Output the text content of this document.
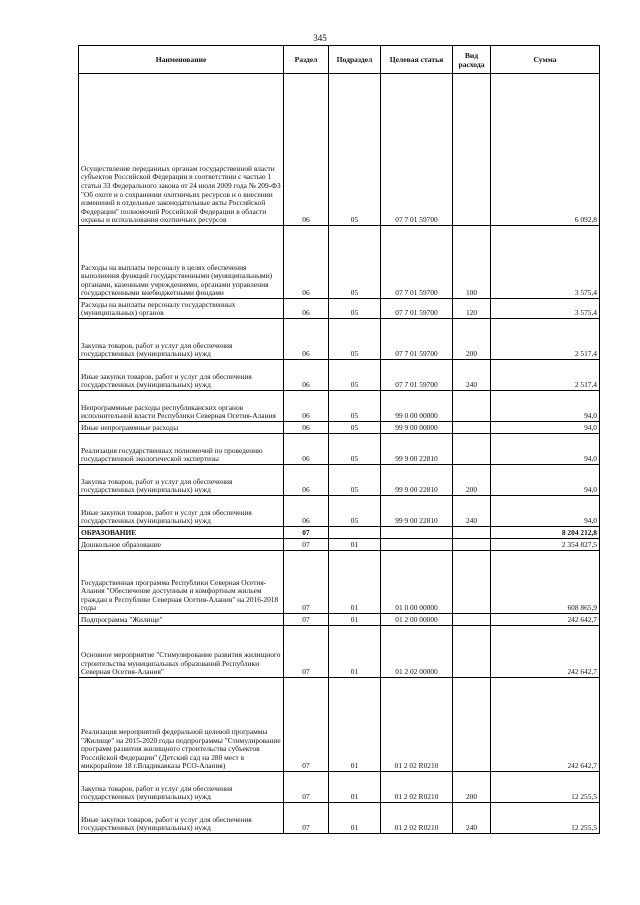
345
Наименование	Раздел	Подраздел	Целевая статья	Вид расхода	Сумма
Осуществление переданных органам государственной власти субъектов Российской Федерации в соответствии с частью 1 статьи 33 Федерального закона от 24 июля 2009 года № 209-ФЗ "Об охоте и о сохранении охотничьих ресурсов и о внесении изменений в отдельные законодательные акты Российской Федерации" полномочий Российской Федерации в области охраны и использования охотничьих ресурсов	06	05	07 7 01 59700		6 092,8
Расходы на выплаты персоналу в целях обеспечения выполнения функций государственными (муниципальными) органами, казенными учреждениями, органами управления государственными внебюджетными фондами	06	05	07 7 01 59700	100	3 575,4
Расходы на выплаты персоналу государственных (муниципальных) органов	06	05	07 7 01 59700	120	3 575,4
Закупка товаров, работ и услуг для обеспечения государственных (муниципальных) нужд	06	05	07 7 01 59700	200	2 517,4
Иные закупки товаров, работ и услуг для обеспечения государственных (муниципальных) нужд	06	05	07 7 01 59700	240	2 517,4
Непрограммные расходы республиканских органов исполнительной власти Республики Северная Осетия-Алания	06	05	99 0 00 00000		94,0
Иные непрограммные расходы	06	05	99 9 00 00000		94,0
Реализация государственных полномочий по проведению государственной экологической экспертизы	06	05	99 9 00 22810		94,0
Закупка товаров, работ и услуг для обеспечения государственных (муниципальных) нужд	06	05	99 9 00 22810	200	94,0
Иные закупки товаров, работ и услуг для обеспечения государственных (муниципальных) нужд	06	05	99 9 00 22810	240	94,0
ОБРАЗОВАНИЕ	07				8 204 212,8
Дошкольное образование	07	01			2 354 827,5
Государственная программа Республики Северная Осетия-Алания "Обеспечение доступным и комфортным жильем граждан в Республике Северная Осетия-Алания" на 2016-2018 годы	07	01	01 0 00 00000		608 865,9
Подпрограмма "Жилище"	07	01	01 2 00 00000		242 642,7
Основное мероприятие "Стимулирование развития жилищного строительства муниципальных образований Республики Северная Осетия-Алания"	07	01	01 2 02 00000		242 642,7
Реализация мероприятий федеральной целевой программы "Жилище" на 2015-2020 годы подпрограммы "Стимулирование программ развития жилищного строительства субъектов Российской Федерации" (Детский сад на 280 мест в микрорайоне 18 г.Владикавказа РСО-Алания)	07	01	01 2 02 R0210		242 642,7
Закупка товаров, работ и услуг для обеспечения государственных (муниципальных) нужд	07	01	01 2 02 R0210	200	12 255,5
Иные закупки товаров, работ и услуг для обеспечения государственных (муниципальных) нужд	07	01	01 2 02 R0210	240	12 255,5
